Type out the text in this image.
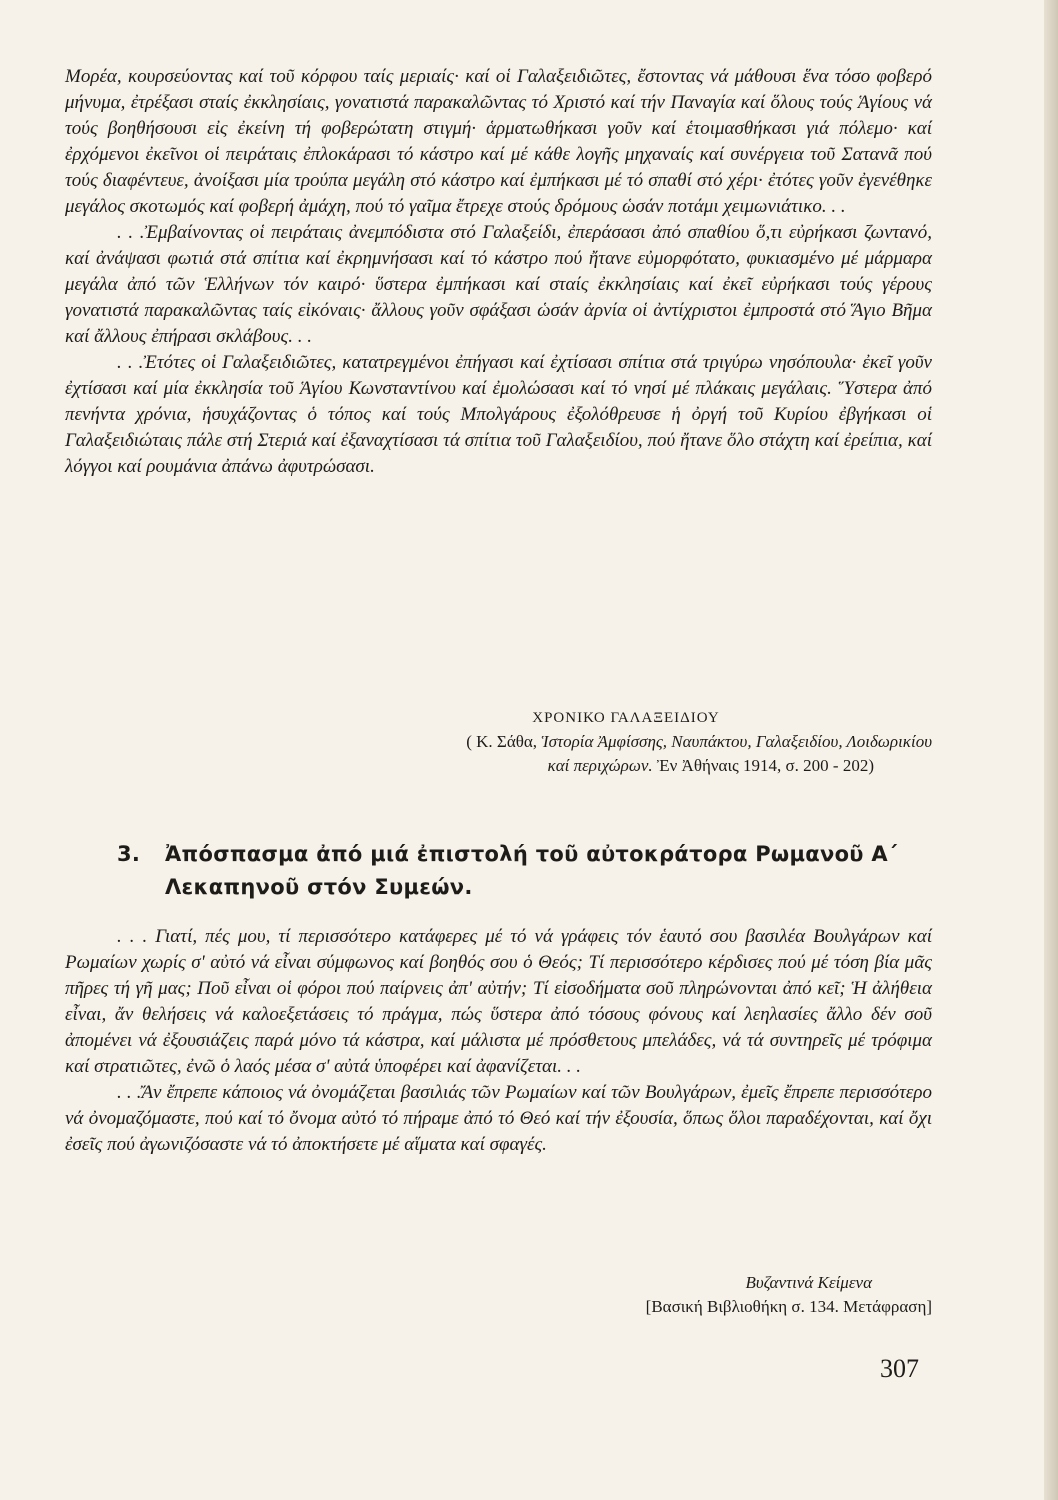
Μορέα, κουρσεύοντας καί τοῦ κόρφου ταίς μεριαίς· καί οἱ Γαλαξειδιῶτες, ἔστοντας νά μάθουσι ἕνα τόσο φοβερό μήνυμα, ἐτρέξασι σταίς ἐκκλησίαις, γονατιστά παρακαλῶντας τό Χριστό καί τήν Παναγία καί ὅλους τούς Ἁγίους νά τούς βοηθήσουσι εἰς ἐκείνη τή φοβερώτατη στιγμή· ἁρματωθήκασι γοῦν καί ἑτοιμασθήκασι γιά πόλεμο· καί ἐρχόμενοι ἐκεῖνοι οἱ πειράταις ἐπλοκάρασι τό κάστρο καί μέ κάθε λογῆς μηχαναίς καί συνέργεια τοῦ Σατανᾶ πού τούς διαφέντευε, ἀνοίξασι μία τρούπα μεγάλη στό κάστρο καί ἐμπήκασι μέ τό σπαθί στό χέρι· ἐτότες γοῦν ἐγενέθηκε μεγάλος σκοτωμός καί φοβερή ἀμάχη, πού τό γαῖμα ἔτρεχε στούς δρόμους ὡσάν ποτάμι χειμωνιάτικο. . .

. . .Ἐμβαίνοντας οἱ πειράταις ἀνεμπόδιστα στό Γαλαξείδι, ἐπεράσασι ἀπό σπαθίου ὅ,τι εὐρήκασι ζωντανό, καί ἀνάψασι φωτιά στά σπίτια καί ἐκρημνήσασι καί τό κάστρο πού ἤτανε εὐμορφότατο, φυκιασμένο μέ μάρμαρα μεγάλα ἀπό τῶν Ἑλλήνων τόν καιρό· ὕστερα ἐμπήκασι καί σταίς ἐκκλησίαις καί ἐκεῖ εὐρήκασι τούς γέρους γονατιστά παρακαλῶντας ταίς εἰκόναις· ἄλλους γοῦν σφάξασι ὡσάν ἀρνία οἱ ἀντίχριστοι ἐμπροστά στό Ἅγιο Βῆμα καί ἄλλους ἐπήρασι σκλάβους. . .

. . .Ἐτότες οἱ Γαλαξειδιῶτες, κατατρεγμένοι ἐπήγασι καί ἐχτίσασι σπίτια στά τριγύρω νησόπουλα· ἐκεῖ γοῦν ἐχτίσασι καί μία ἐκκλησία τοῦ Ἁγίου Κωνσταντίνου καί ἐμολώσασι καί τό νησί μέ πλάκαις μεγάλαις. Ὕστερα ἀπό πενήντα χρόνια, ἡσυχάζοντας ὁ τόπος καί τούς Μπολγάρους ἐξολόθρευσε ἡ ὀργή τοῦ Κυρίου ἐβγήκασι οἱ Γαλαξειδιώταις πάλε στή Στεριά καί ἐξαναχτίσασι τά σπίτια τοῦ Γαλαξειδίου, πού ἤτανε ὅλο στάχτη καί ἐρείπια, καί λόγγοι καί ρουμάνια ἀπάνω ἀφυτρώσασι.

ΧΡΟΝΙΚΟ ΓΑΛΑΞΕΙΔΙΟΥ
( Κ. Σάθα, Ἱστορία Ἀμφίσσης, Ναυπάκτου, Γαλαξειδίου, Λοιδωρικίου
καί περιχώρων. Ἐν Ἀθήναις 1914, σ. 200 - 202)
3.	Ἀπόσπασμα ἀπό μιά ἐπιστολή τοῦ αὐτοκράτορα Ρωμανοῦ Α΄ Λεκαπηνοῦ στόν Συμεών.

. . . Γιατί, πές μου, τί περισσότερο κατάφερες μέ τό νά γράφεις τόν ἑαυτό σου βασιλέα Βουλγάρων καί Ρωμαίων χωρίς σ' αὐτό νά εἶναι σύμφωνος καί βοηθός σου ὁ Θεός; Τί περισσότερο κέρδισες πού μέ τόση βία μᾶς πῆρες τή γῆ μας; Ποῦ εἶναι οἱ φόροι πού παίρνεις ἀπ' αὐτήν; Τί εἰσοδήματα σοῦ πληρώνονται ἀπό κεῖ; Ἡ ἀλήθεια εἶναι, ἄν θελήσεις νά καλοεξετάσεις τό πράγμα, πώς ὕστερα ἀπό τόσους φόνους καί λεηλασίες ἄλλο δέν σοῦ ἀπομένει νά ἐξουσιάζεις παρά μόνο τά κάστρα, καί μάλιστα μέ πρόσθετους μπελάδες, νά τά συντηρεῖς μέ τρόφιμα καί στρατιῶτες, ἐνῶ ὁ λαός μέσα σ' αὐτά ὑποφέρει καί ἀφανίζεται. . .

. . .Ἄν ἔπρεπε κάποιος νά ὀνομάζεται βασιλιάς τῶν Ρωμαίων καί τῶν Βουλγάρων, ἐμεῖς ἔπρεπε περισσότερο νά ὀνομαζόμαστε, πού καί τό ὄνομα αὐτό τό πήραμε ἀπό τό Θεό καί τήν ἐξουσία, ὅπως ὅλοι παραδέχονται, καί ὄχι ἐσεῖς πού ἀγωνιζόσαστε νά τό ἀποκτήσετε μέ αἵματα καί σφαγές.

Βυζαντινά Κείμενα
[Βασική Βιβλιοθήκη σ. 134. Μετάφραση]
307
